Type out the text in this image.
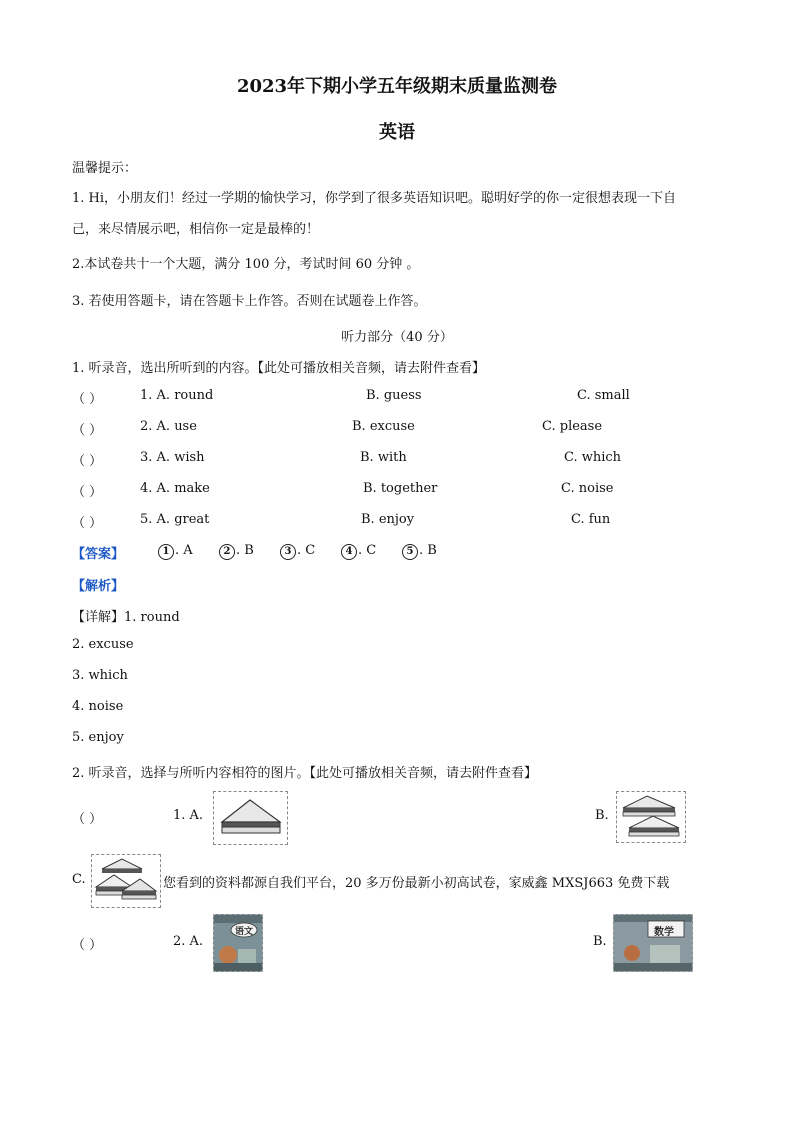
2023年下期小学五年级期末质量监测卷
英语
温馨提示：
1. Hi，小朋友们！经过一学期的愉快学习，你学到了很多英语知识吧。聪明好学的你一定很想表现一下自
己，来尽情展示吧，相信你一定是最棒的！
2.本试卷共十一个大题，满分 100 分，考试时间 60 分钟 。
3. 若使用答题卡，请在答题卡上作答。否则在试题卷上作答。
听力部分（40 分）
1. 听录音，选出所听到的内容。【此处可播放相关音频，请去附件查看】
（ ）	1. A. round	B. guess	C. small
（ ）	2. A. use	B. excuse	C. please
（ ）	3. A. wish	B. with	C. which
（ ）	4. A. make	B. together	C. noise
（ ）	5. A. great	B. enjoy	C. fun
【答案】	1 . A	2 . B	3 . C	4 . C	5 . B
【解析】
【详解】1. round
2. excuse
3. which
4. noise
5. enjoy
2. 听录音，选择与所听内容相符的图片。【此处可播放相关音频，请去附件查看】
（ ）	1. A.	B.
C.	您看到的资料都源自我们平台，20 多万份最新小初高试卷，家威鑫 MXSJ663 免费下载
（ ）	2. A.
语文
B.
数学
